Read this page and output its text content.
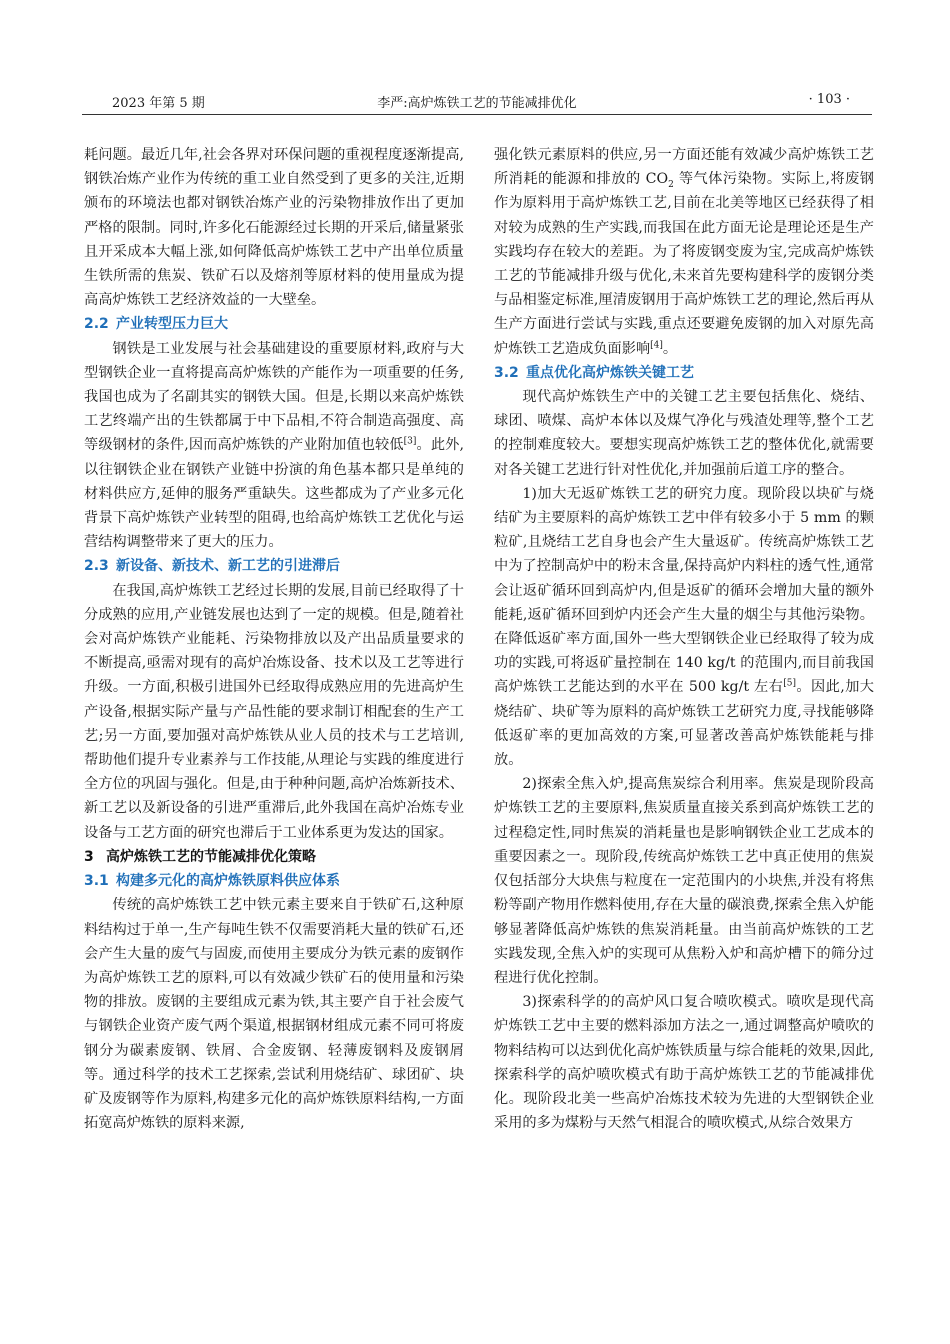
2023 年第 5 期	李严:高炉炼铁工艺的节能减排优化	· 103 ·

耗问题。最近几年,社会各界对环保问题的重视程度逐渐提高,钢铁冶炼产业作为传统的重工业自然受到了更多的关注,近期颁布的环境法也都对钢铁冶炼产业的污染物排放作出了更加严格的限制。同时,许多化石能源经过长期的开采后,储量紧张且开采成本大幅上涨,如何降低高炉炼铁工艺中产出单位质量生铁所需的焦炭、铁矿石以及熔剂等原材料的使用量成为提高高炉炼铁工艺经济效益的一大壁垒。

2.2 产业转型压力巨大

钢铁是工业发展与社会基础建设的重要原材料,政府与大型钢铁企业一直将提高高炉炼铁的产能作为一项重要的任务,我国也成为了名副其实的钢铁大国。但是,长期以来高炉炼铁工艺终端产出的生铁都属于中下品相,不符合制造高强度、高等级钢材的条件,因而高炉炼铁的产业附加值也较低[3]。此外,以往钢铁企业在钢铁产业链中扮演的角色基本都只是单纯的材料供应方,延伸的服务严重缺失。这些都成为了产业多元化背景下高炉炼铁产业转型的阻碍,也给高炉炼铁工艺优化与运营结构调整带来了更大的压力。

2.3 新设备、新技术、新工艺的引进滞后

在我国,高炉炼铁工艺经过长期的发展,目前已经取得了十分成熟的应用,产业链发展也达到了一定的规模。但是,随着社会对高炉炼铁产业能耗、污染物排放以及产出品质量要求的不断提高,亟需对现有的高炉冶炼设备、技术以及工艺等进行升级。一方面,积极引进国外已经取得成熟应用的先进高炉生产设备,根据实际产量与产品性能的要求制订相配套的生产工艺;另一方面,要加强对高炉炼铁从业人员的技术与工艺培训,帮助他们提升专业素养与工作技能,从理论与实践的维度进行全方位的巩固与强化。但是,由于种种问题,高炉冶炼新技术、新工艺以及新设备的引进严重滞后,此外我国在高炉冶炼专业设备与工艺方面的研究也滞后于工业体系更为发达的国家。

3 高炉炼铁工艺的节能减排优化策略
3.1 构建多元化的高炉炼铁原料供应体系

传统的高炉炼铁工艺中铁元素主要来自于铁矿石,这种原料结构过于单一,生产每吨生铁不仅需要消耗大量的铁矿石,还会产生大量的废气与固废,而使用主要成分为铁元素的废钢作为高炉炼铁工艺的原料,可以有效减少铁矿石的使用量和污染物的排放。废钢的主要组成元素为铁,其主要产自于社会废气与钢铁企业资产废气两个渠道,根据钢材组成元素不同可将废钢分为碳素废钢、铁屑、合金废钢、轻薄废钢料及废钢屑等。通过科学的技术工艺探索,尝试利用烧结矿、球团矿、块矿及废钢等作为原料,构建多元化的高炉炼铁原料结构,一方面拓宽高炉炼铁的原料来源,

强化铁元素原料的供应,另一方面还能有效减少高炉炼铁工艺所消耗的能源和排放的 $CO_2$ 等气体污染物。实际上,将废钢作为原料用于高炉炼铁工艺,目前在北美等地区已经获得了相对较为成熟的生产实践,而我国在此方面无论是理论还是生产实践均存在较大的差距。为了将废钢变废为宝,完成高炉炼铁工艺的节能减排升级与优化,未来首先要构建科学的废钢分类与品相鉴定标准,厘清废钢用于高炉炼铁工艺的理论,然后再从生产方面进行尝试与实践,重点还要避免废钢的加入对原先高炉炼铁工艺造成负面影响[4]。

3.2 重点优化高炉炼铁关键工艺

现代高炉炼铁生产中的关键工艺主要包括焦化、烧结、球团、喷煤、高炉本体以及煤气净化与残渣处理等,整个工艺的控制难度较大。要想实现高炉炼铁工艺的整体优化,就需要对各关键工艺进行针对性优化,并加强前后道工序的整合。

1)加大无返矿炼铁工艺的研究力度。现阶段以块矿与烧结矿为主要原料的高炉炼铁工艺中伴有较多小于 5 mm 的颗粒矿,且烧结工艺自身也会产生大量返矿。传统高炉炼铁工艺中为了控制高炉中的粉末含量,保持高炉内料柱的透气性,通常会让返矿循环回到高炉内,但是返矿的循环会增加大量的额外能耗,返矿循环回到炉内还会产生大量的烟尘与其他污染物。在降低返矿率方面,国外一些大型钢铁企业已经取得了较为成功的实践,可将返矿量控制在 140 kg/t 的范围内,而目前我国高炉炼铁工艺能达到的水平在 500 kg/t 左右[5]。因此,加大烧结矿、块矿等为原料的高炉炼铁工艺研究力度,寻找能够降低返矿率的更加高效的方案,可显著改善高炉炼铁能耗与排放。

2)探索全焦入炉,提高焦炭综合利用率。焦炭是现阶段高炉炼铁工艺的主要原料,焦炭质量直接关系到高炉炼铁工艺的过程稳定性,同时焦炭的消耗量也是影响钢铁企业工艺成本的重要因素之一。现阶段,传统高炉炼铁工艺中真正使用的焦炭仅包括部分大块焦与粒度在一定范围内的小块焦,并没有将焦粉等副产物用作燃料使用,存在大量的碳浪费,探索全焦入炉能够显著降低高炉炼铁的焦炭消耗量。由当前高炉炼铁的工艺实践发现,全焦入炉的实现可从焦粉入炉和高炉槽下的筛分过程进行优化控制。

3)探索科学的的高炉风口复合喷吹模式。喷吹是现代高炉炼铁工艺中主要的燃料添加方法之一,通过调整高炉喷吹的物料结构可以达到优化高炉炼铁质量与综合能耗的效果,因此,探索科学的高炉喷吹模式有助于高炉炼铁工艺的节能减排优化。现阶段北美一些高炉冶炼技术较为先进的大型钢铁企业采用的多为煤粉与天然气相混合的喷吹模式,从综合效果方
